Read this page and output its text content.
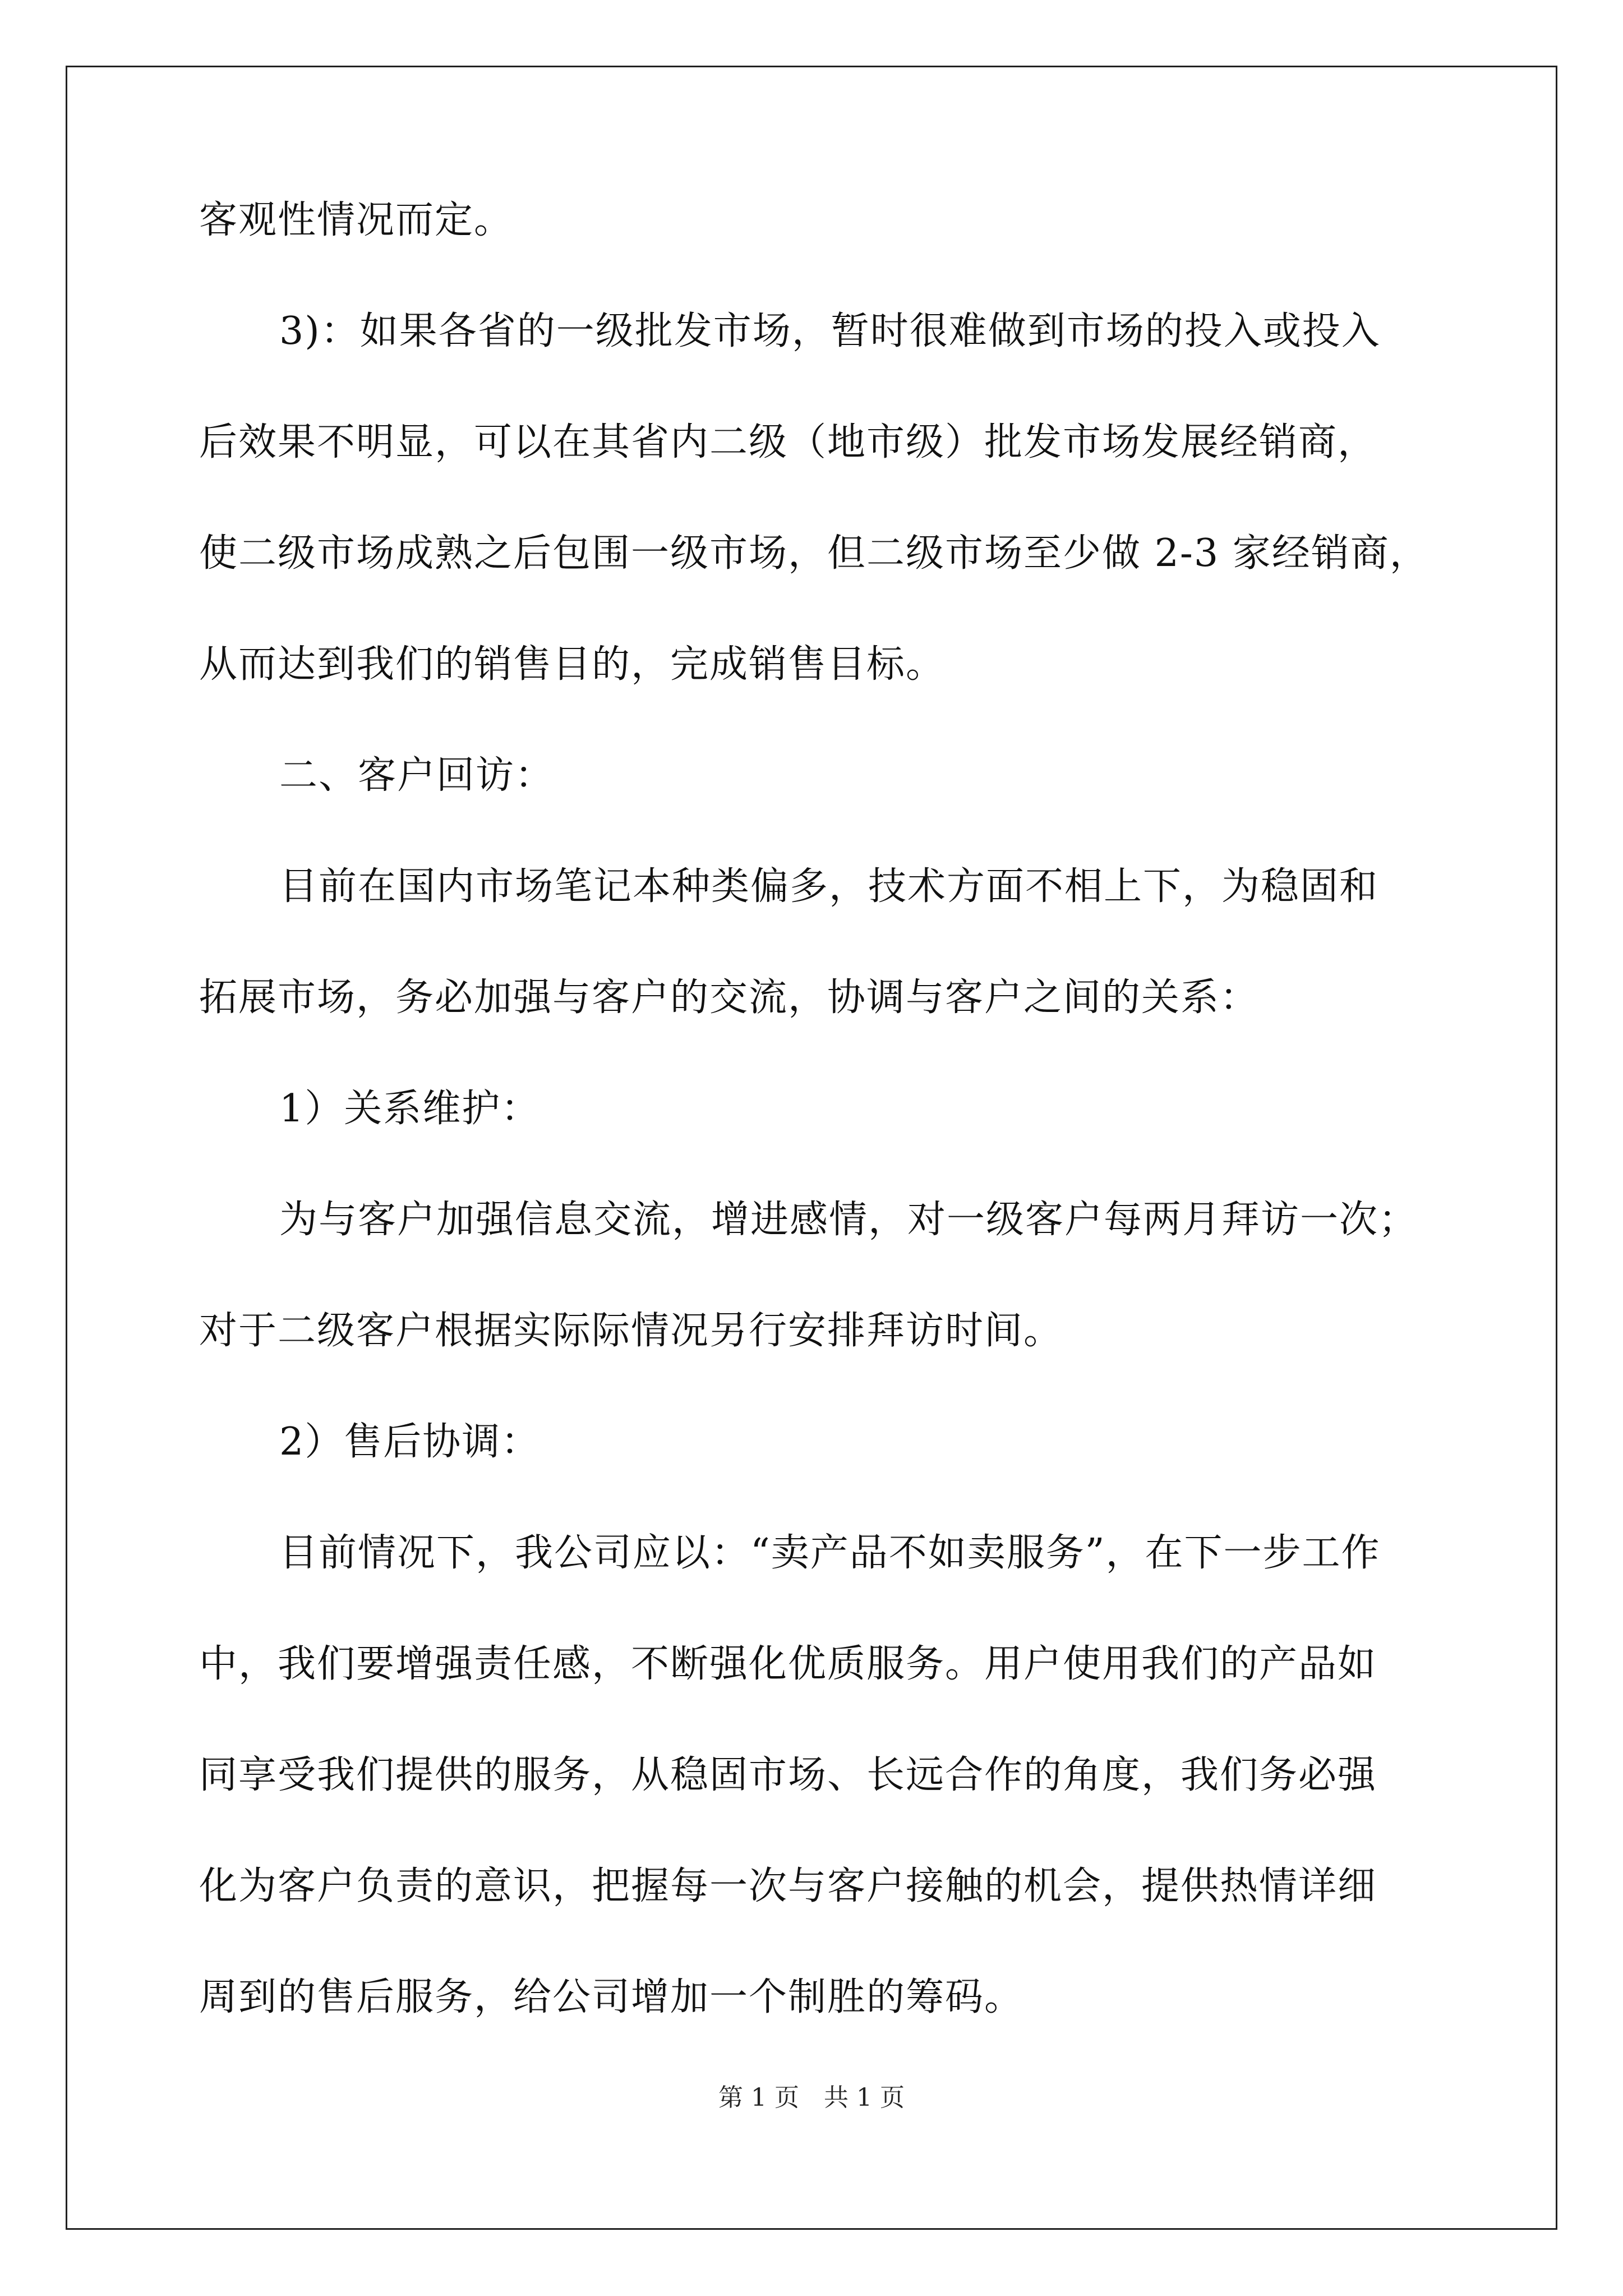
客观性情况而定。
3)：如果各省的一级批发市场，暂时很难做到市场的投入或投入
后效果不明显，可以在其省内二级（地市级）批发市场发展经销商，
使二级市场成熟之后包围一级市场，但二级市场至少做 2-3 家经销商，
从而达到我们的销售目的，完成销售目标。
二、客户回访：
目前在国内市场笔记本种类偏多，技术方面不相上下，为稳固和
拓展市场，务必加强与客户的交流，协调与客户之间的关系：
1）关系维护：
为与客户加强信息交流，增进感情，对一级客户每两月拜访一次；
对于二级客户根据实际际情况另行安排拜访时间。
2）售后协调：
目前情况下，我公司应以：“卖产品不如卖服务”，在下一步工作
中，我们要增强责任感，不断强化优质服务。用户使用我们的产品如
同享受我们提供的服务，从稳固市场、长远合作的角度，我们务必强
化为客户负责的意识，把握每一次与客户接触的机会，提供热情详细
周到的售后服务，给公司增加一个制胜的筹码。
第 1 页 共 1 页
